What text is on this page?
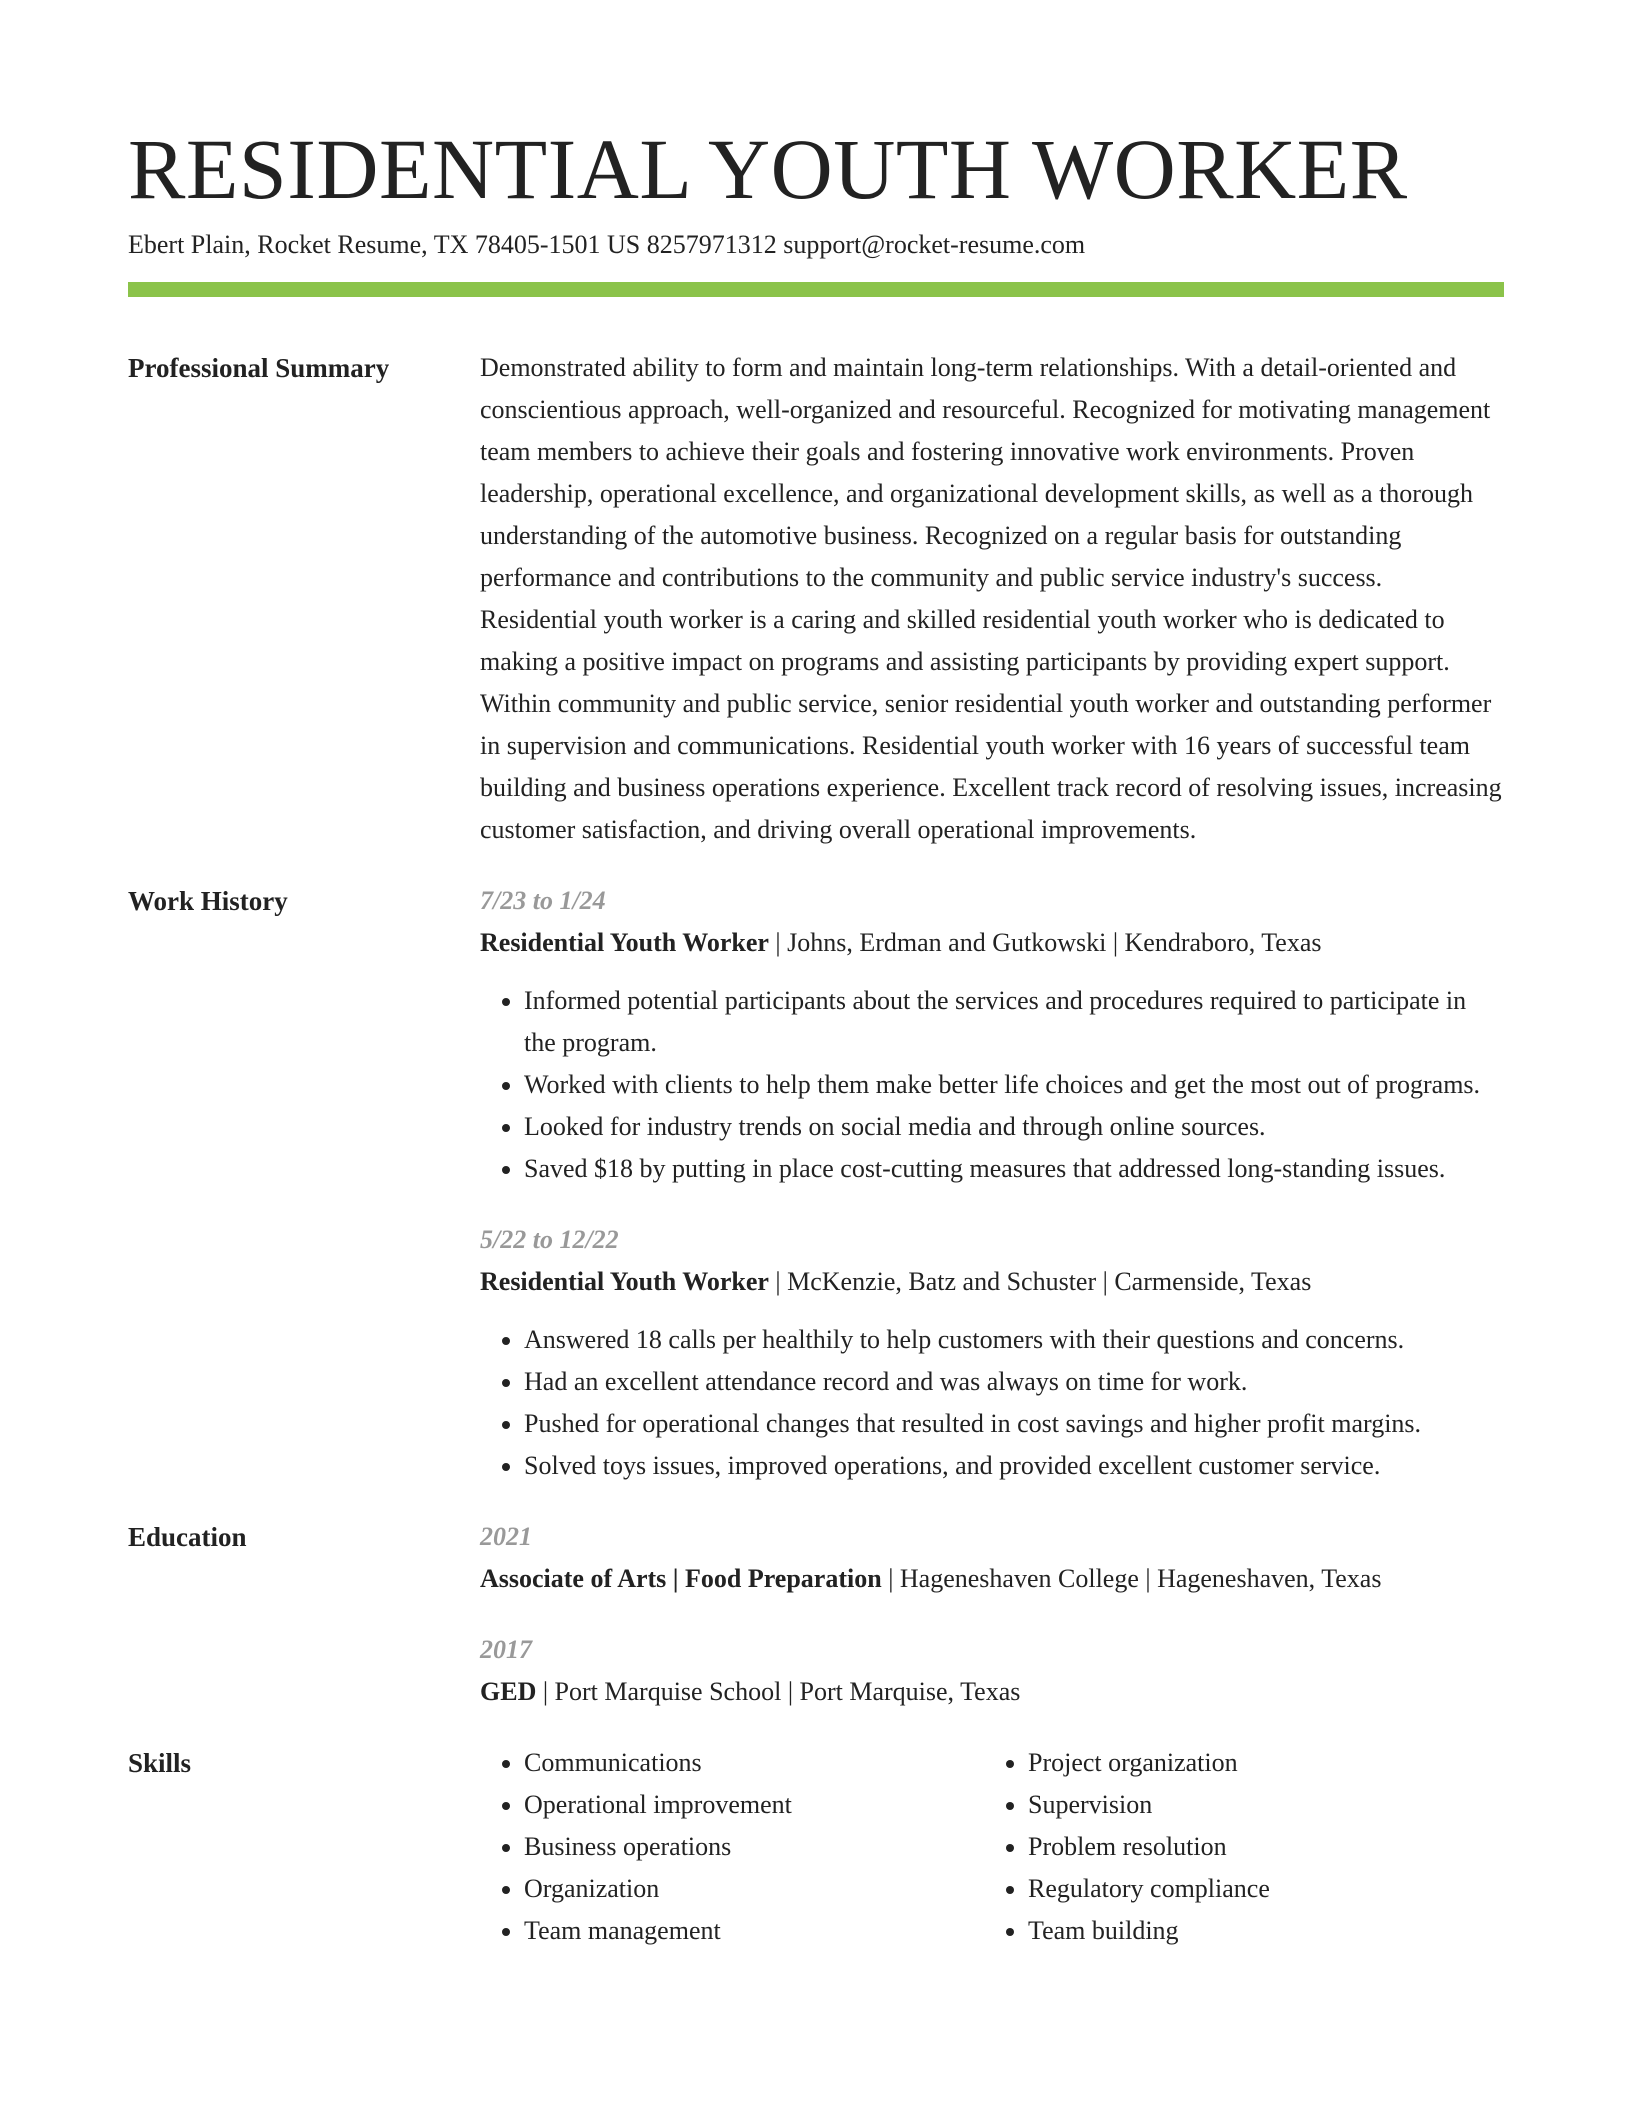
RESIDENTIAL YOUTH WORKER
Ebert Plain, Rocket Resume, TX 78405-1501 US 8257971312 support@rocket-resume.com
Professional Summary	Demonstrated ability to form and maintain long-term relationships. With a detail-oriented and conscientious approach, well-organized and resourceful. Recognized for motivating management team members to achieve their goals and fostering innovative work environments. Proven leadership, operational excellence, and organizational development skills, as well as a thorough understanding of the automotive business. Recognized on a regular basis for outstanding performance and contributions to the community and public service industry's success. Residential youth worker is a caring and skilled residential youth worker who is dedicated to making a positive impact on programs and assisting participants by providing expert support. Within community and public service, senior residential youth worker and outstanding performer in supervision and communications. Residential youth worker with 16 years of successful team building and business operations experience. Excellent track record of resolving issues, increasing customer satisfaction, and driving overall operational improvements.

Work History	7/23 to 1/24
Residential Youth Worker | Johns, Erdman and Gutkowski | Kendraboro, Texas
• Informed potential participants about the services and procedures required to participate in the program.
• Worked with clients to help them make better life choices and get the most out of programs.
• Looked for industry trends on social media and through online sources.
• Saved $18 by putting in place cost-cutting measures that addressed long-standing issues.
5/22 to 12/22
Residential Youth Worker | McKenzie, Batz and Schuster | Carmenside, Texas
• Answered 18 calls per healthily to help customers with their questions and concerns.
• Had an excellent attendance record and was always on time for work.
• Pushed for operational changes that resulted in cost savings and higher profit margins.
• Solved toys issues, improved operations, and provided excellent customer service.
Education	2021
Associate of Arts | Food Preparation | Hageneshaven College | Hageneshaven, Texas
2017
GED | Port Marquise School | Port Marquise, Texas
Skills
•	Communications
• Operational improvement
• Business operations
• Organization
• Team management
• Project organization
• Supervision
• Problem resolution
• Regulatory compliance
• Team building
